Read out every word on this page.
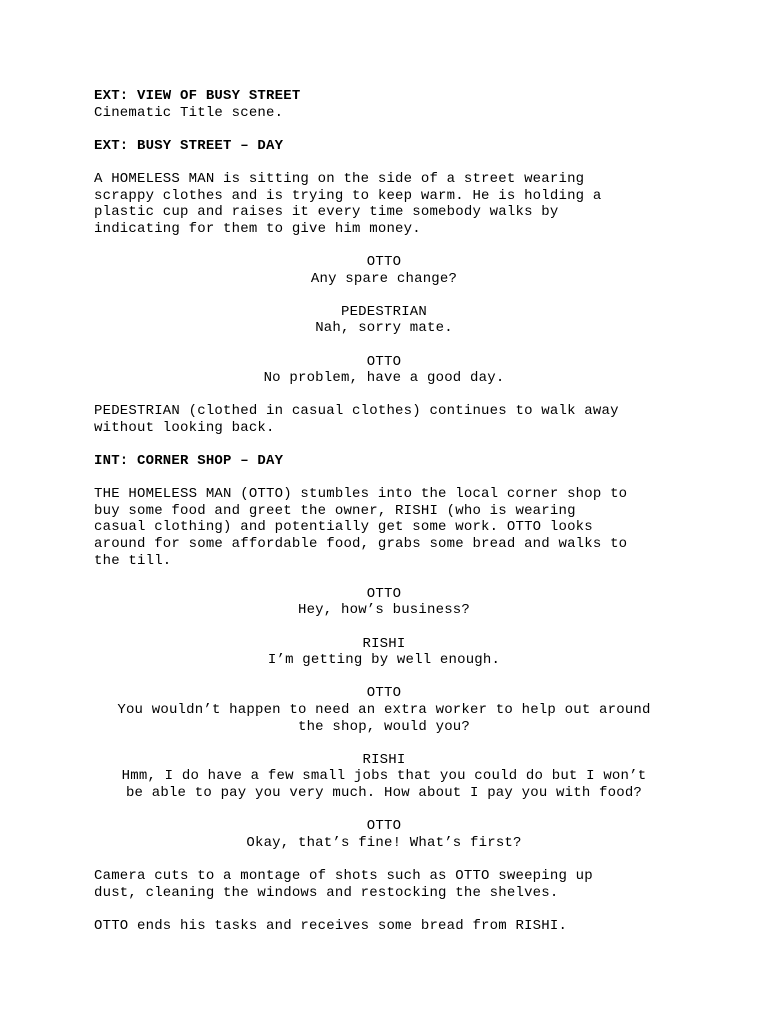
EXT: VIEW OF BUSY STREET
Cinematic Title scene.
EXT: BUSY STREET – DAY
A HOMELESS MAN is sitting on the side of a street wearing
scrappy clothes and is trying to keep warm. He is holding a
plastic cup and raises it every time somebody walks by
indicating for them to give him money.
OTTO
Any spare change?
PEDESTRIAN
Nah, sorry mate.
OTTO
No problem, have a good day.
PEDESTRIAN (clothed in casual clothes) continues to walk away
without looking back.
INT: CORNER SHOP – DAY
THE HOMELESS MAN (OTTO) stumbles into the local corner shop to
buy some food and greet the owner, RISHI (who is wearing
casual clothing) and potentially get some work. OTTO looks
around for some affordable food, grabs some bread and walks to
the till.
OTTO
Hey, how’s business?
RISHI
I’m getting by well enough.
OTTO
You wouldn’t happen to need an extra worker to help out around
the shop, would you?
RISHI
Hmm, I do have a few small jobs that you could do but I won’t
be able to pay you very much. How about I pay you with food?
OTTO
Okay, that’s fine! What’s first?
Camera cuts to a montage of shots such as OTTO sweeping up
dust, cleaning the windows and restocking the shelves.
OTTO ends his tasks and receives some bread from RISHI.
